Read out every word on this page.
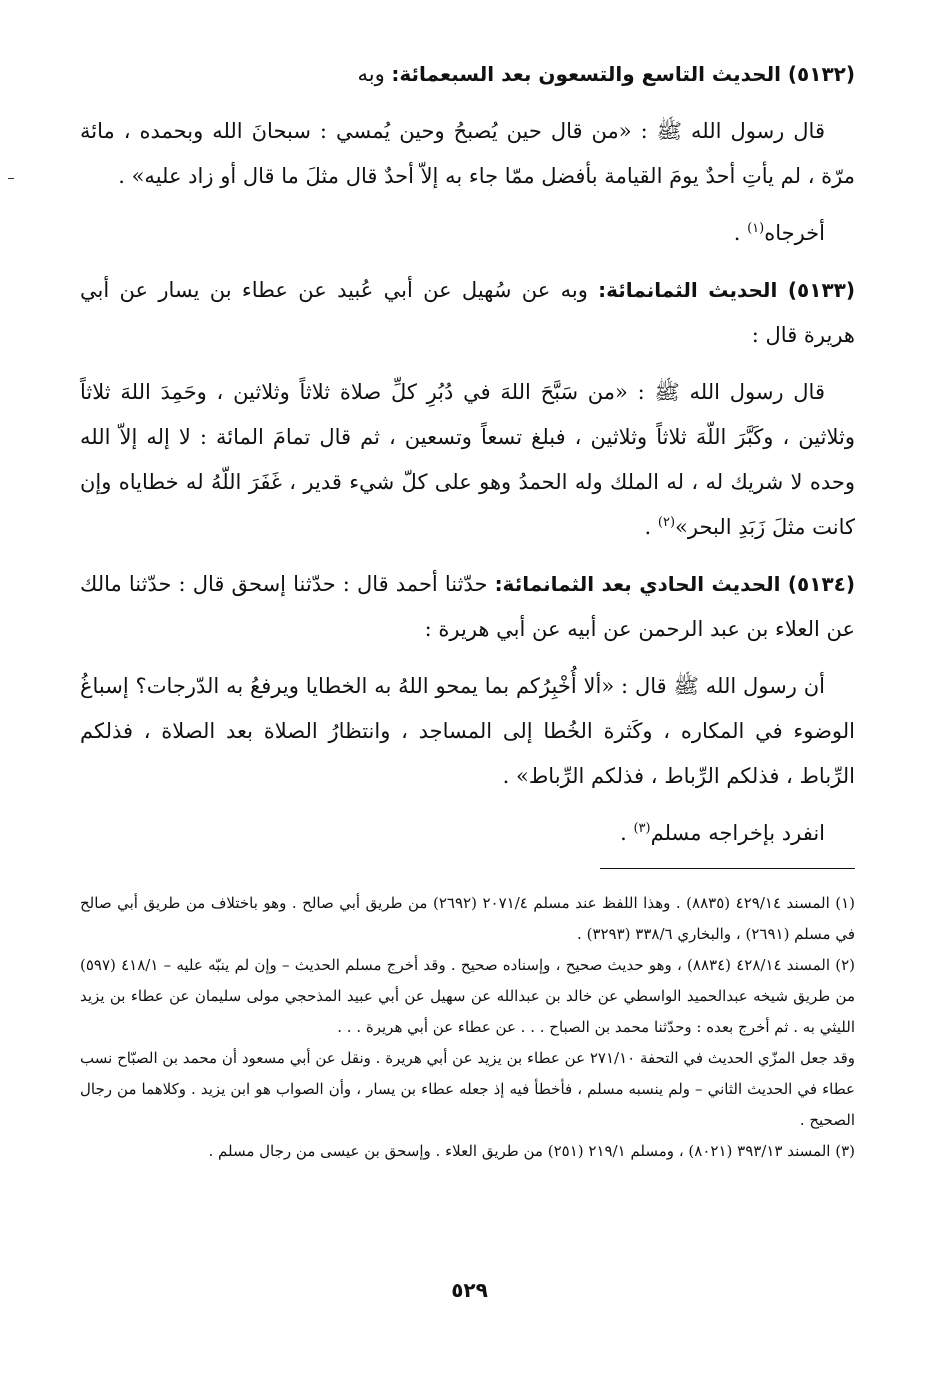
(٥١٣٢) الحديث التاسع والتسعون بعد السبعمائة: وبه

قال رسول الله ﷺ : «من قال حين يُصبحُ وحين يُمسي : سبحانَ الله وبحمده ، مائة مرّة ، لم يأتِ أحدٌ يومَ القيامة بأفضل ممّا جاء به إلاّ أحدٌ قال مثلَ ما قال أو زاد عليه» .

أخرجاه$^{(١)}$ .

(٥١٣٣) الحديث الثمانمائة: وبه عن سُهيل عن أبي عُبيد عن عطاء بن يسار عن أبي هريرة قال :

قال رسول الله ﷺ : «من سَبَّحَ اللهَ في دُبُرِ كلِّ صلاة ثلاثاً وثلاثين ، وحَمِدَ اللهَ ثلاثاً وثلاثين ، وكَبَّرَ اللّهَ ثلاثاً وثلاثين ، فبلغ تسعاً وتسعين ، ثم قال تمامَ المائة : لا إله إلاّ الله وحده لا شريك له ، له الملك وله الحمدُ وهو على كلّ شيء قدير ، غَفَرَ اللّهُ له خطاياه وإن كانت مثلَ زَبَدِ البحر»$^{(٢)}$ .

(٥١٣٤) الحديث الحادي بعد الثمانمائة: حدّثنا أحمد قال : حدّثنا إسحق قال : حدّثنا مالك عن العلاء بن عبد الرحمن عن أبيه عن أبي هريرة :

أن رسول الله ﷺ قال : «ألا أُخْبِرُكم بما يمحو اللهُ به الخطايا ويرفعُ به الدّرجات؟ إسباغُ الوضوء في المكاره ، وكَثرة الخُطا إلى المساجد ، وانتظارُ الصلاة بعد الصلاة ، فذلكم الرِّباط ، فذلكم الرِّباط ، فذلكم الرِّباط» .

انفرد بإخراجه مسلم$^{(٣)}$ .

(١) المسند ٤٢٩/١٤ (٨٨٣٥) . وهذا اللفظ عند مسلم ٢٠٧١/٤ (٢٦٩٢) من طريق أبي صالح . وهو باختلاف من طريق أبي صالح في مسلم (٢٦٩١) ، والبخاري ٣٣٨/٦ (٣٢٩٣) .

(٢) المسند ٤٢٨/١٤ (٨٨٣٤) ، وهو حديث صحيح ، وإسناده صحيح . وقد أخرج مسلم الحديث – وإن لم ينبّه عليه – ٤١٨/١ (٥٩٧) من طريق شيخه عبدالحميد الواسطي عن خالد بن عبدالله عن سهيل عن أبي عبيد المذحجي مولى سليمان عن عطاء بن يزيد الليثي به . ثم أخرج بعده : وحدّثنا محمد بن الصباح . . . عن عطاء عن أبي هريرة . . .

وقد جعل المزّي الحديث في التحفة ٢٧١/١٠ عن عطاء بن يزيد عن أبي هريرة . ونقل عن أبي مسعود أن محمد بن الصبّاح نسب عطاء في الحديث الثاني – ولم ينسبه مسلم ، فأخطأ فيه إذ جعله عطاء بن يسار ، وأن الصواب هو ابن يزيد . وكلاهما من رجال الصحيح .

(٣) المسند ٣٩٣/١٣ (٨٠٢١) ، ومسلم ٢١٩/١ (٢٥١) من طريق العلاء . وإسحق بن عيسى من رجال مسلم .

٥٢٩
